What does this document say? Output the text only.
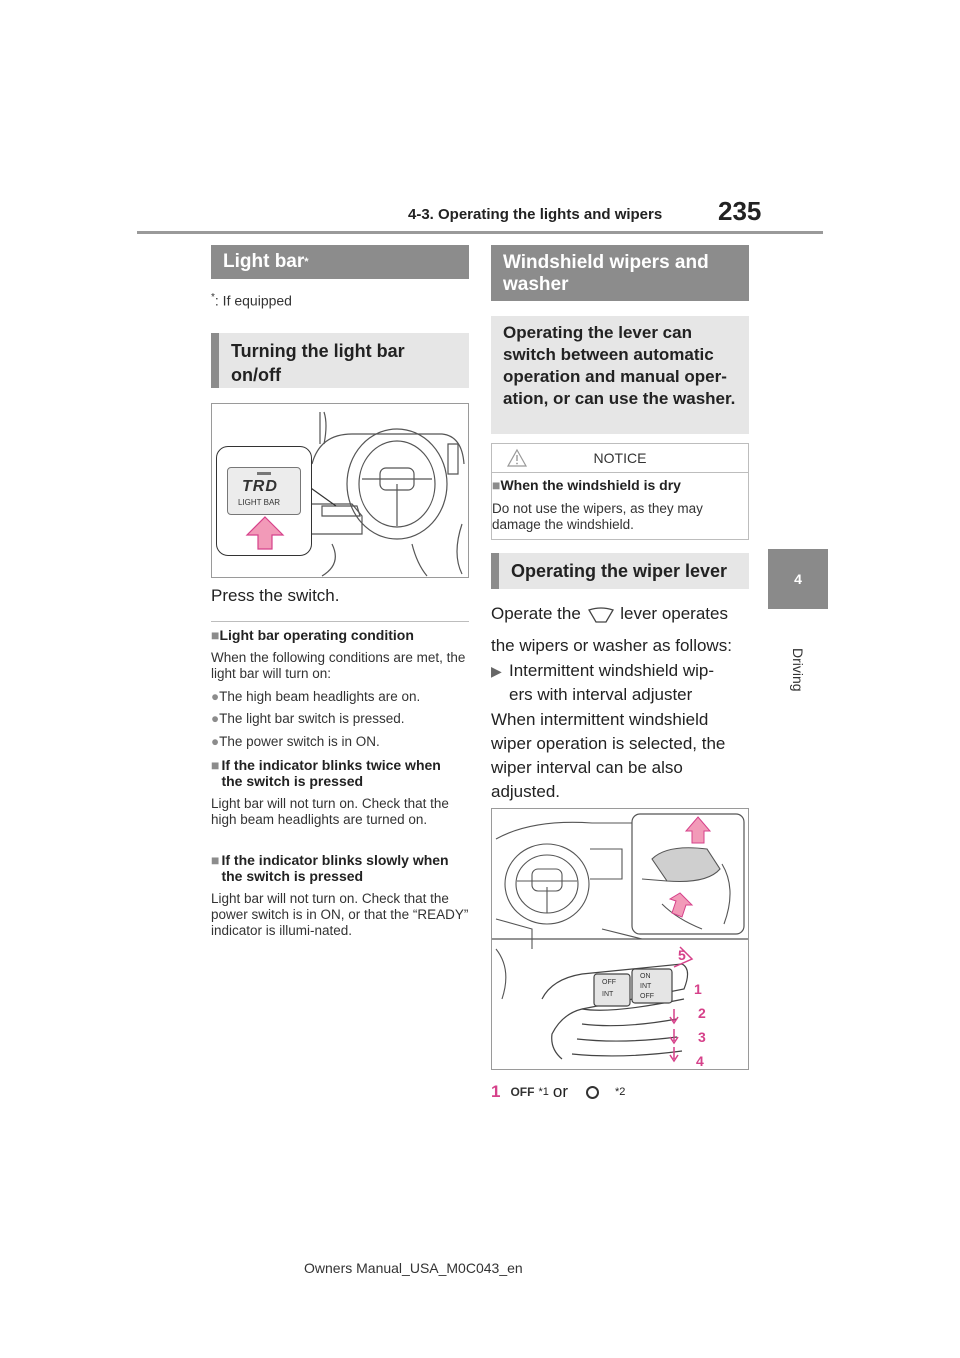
4-3. Operating the lights and wipers 235
4
Driving
Light bar *
*: If equipped
Turning the light bar on/off
TRD
LIGHT BAR
Press the switch.
■Light bar operating condition
When the following conditions are met, the light bar will turn on:
●The high beam headlights are on.
●The light bar switch is pressed.
●The power switch is in ON.
■ If the indicator blinks twice when the switch is pressed
Light bar will not turn on. Check that the high beam headlights are turned on.
■ If the indicator blinks slowly when the switch is pressed
Light bar will not turn on. Check that the power switch is in ON, or that the “READY” indicator is illumi-nated.
Windshield wipers and washer
Operating the lever can switch between automatic operation and manual oper-ation, or can use the washer.
NOTICE
■When the windshield is dry
Do not use the wipers, as they may damage the windshield.
Operating the wiper lever
Operate the lever operates
the wipers or washer as follows:
▶ Intermittent windshield wip-ers with interval adjuster
When intermittent windshield wiper operation is selected, the wiper interval can be also adjusted.
5
1
2
3
4
OFF
INT
ON
INT
OFF
1 OFF *1 or	*2
Owners Manual_USA_M0C043_en
